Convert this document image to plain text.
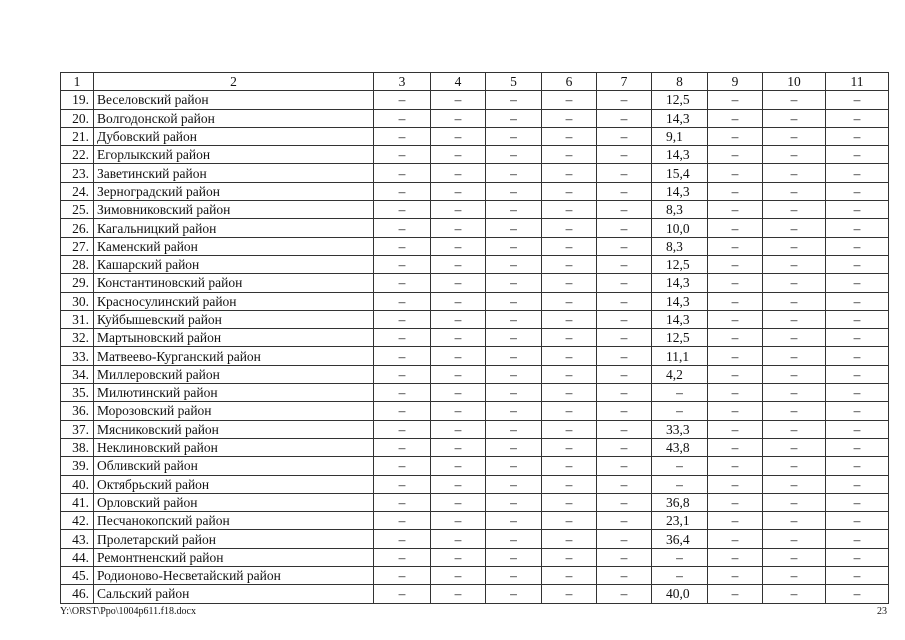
1	2	3	4	5	6	7	8	9	10	11
19.	Веселовский район	–	–	–	–	–	12,5	–	–	–
20.	Волгодонской район	–	–	–	–	–	14,3	–	–	–
21.	Дубовский район	–	–	–	–	–	9,1	–	–	–
22.	Егорлыкский район	–	–	–	–	–	14,3	–	–	–
23.	Заветинский район	–	–	–	–	–	15,4	–	–	–
24.	Зерноградский район	–	–	–	–	–	14,3	–	–	–
25.	Зимовниковский район	–	–	–	–	–	8,3	–	–	–
26.	Кагальницкий район	–	–	–	–	–	10,0	–	–	–
27.	Каменский район	–	–	–	–	–	8,3	–	–	–
28.	Кашарский район	–	–	–	–	–	12,5	–	–	–
29.	Константиновский район	–	–	–	–	–	14,3	–	–	–
30.	Красносулинский район	–	–	–	–	–	14,3	–	–	–
31.	Куйбышевский район	–	–	–	–	–	14,3	–	–	–
32.	Мартыновский район	–	–	–	–	–	12,5	–	–	–
33.	Матвеево-Курганский район	–	–	–	–	–	11,1	–	–	–
34.	Миллеровский район	–	–	–	–	–	4,2	–	–	–
35.	Милютинский район	–	–	–	–	–	–	–	–	–
36.	Морозовский район	–	–	–	–	–	–	–	–	–
37.	Мясниковский район	–	–	–	–	–	33,3	–	–	–
38.	Неклиновский район	–	–	–	–	–	43,8	–	–	–
39.	Обливский район	–	–	–	–	–	–	–	–	–
40.	Октябрьский район	–	–	–	–	–	–	–	–	–
41.	Орловский район	–	–	–	–	–	36,8	–	–	–
42.	Песчанокопский район	–	–	–	–	–	23,1	–	–	–
43.	Пролетарский район	–	–	–	–	–	36,4	–	–	–
44.	Ремонтненский район	–	–	–	–	–	–	–	–	–
45.	Родионово-Несветайский район	–	–	–	–	–	–	–	–	–
46.	Сальский район	–	–	–	–	–	40,0	–	–	–
Y:\ORST\Ppo\1004p611.f18.docx	23
